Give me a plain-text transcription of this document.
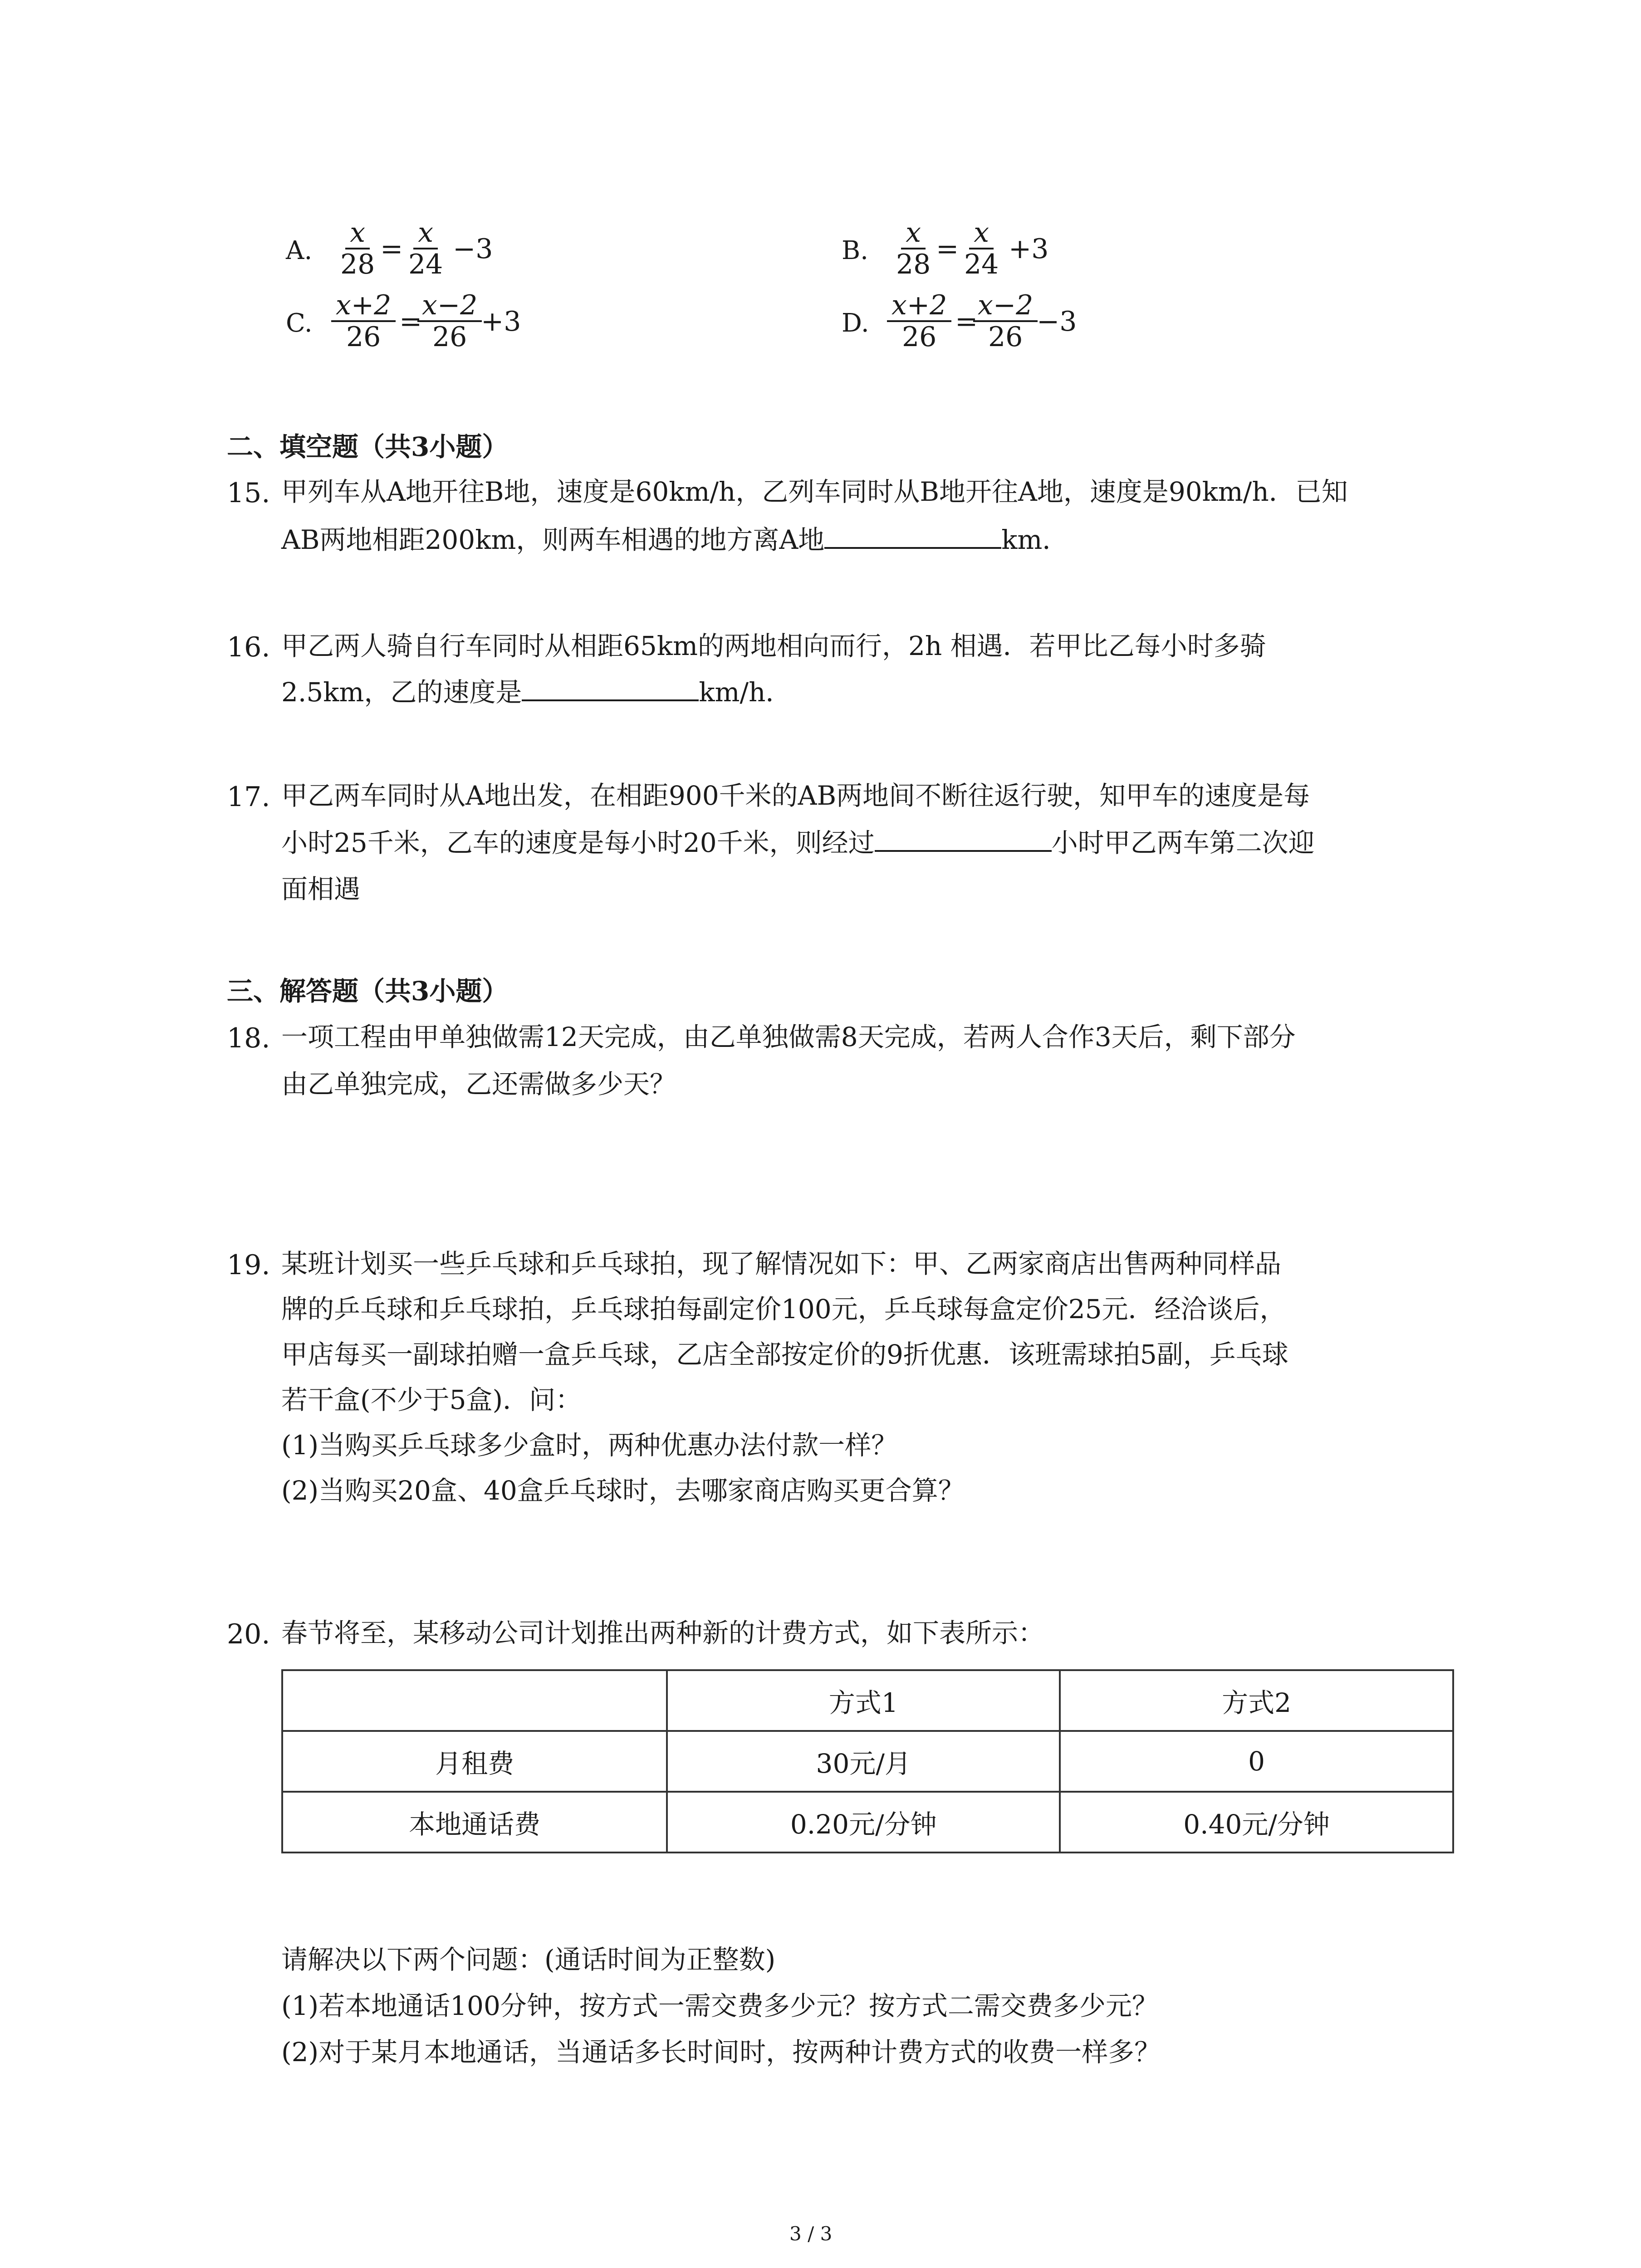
A. $\frac{x}{28} = \frac{x}{24} -3$	B. $\frac{x}{28} = \frac{x}{24} +3$
C. $\frac{x+2}{26}$ =
$\frac{x-2}{26}$
+3	D. $\frac{x+2}{26}$ =
$\frac{x-2}{26}$
−3
二、填空题（共3小题）
15. 甲列车从A地开往B地，速度是60km/h，乙列车同时从B地开往A地，速度是90km/h．已知
AB两地相距200km，则两车相遇的地方离A地	km．
16. 甲乙两人骑自行车同时从相距65km的两地相向而行，2h 相遇．若甲比乙每小时多骑
2.5km，乙的速度是	km/h．
17. 甲乙两车同时从A地出发，在相距900千米的AB两地间不断往返行驶，知甲车的速度是每
小时25千米，乙车的速度是每小时20千米，则经过	小时甲乙两车第二次迎
面相遇
三、解答题（共3小题）
18. 一项工程由甲单独做需12天完成，由乙单独做需8天完成，若两人合作3天后，剩下部分
由乙单独完成，乙还需做多少天？
19. 某班计划买一些乒乓球和乒乓球拍，现了解情况如下：甲、乙两家商店出售两种同样品
牌的乒乓球和乒乓球拍，乒乓球拍每副定价100元，乒乓球每盒定价25元．经洽谈后，
甲店每买一副球拍赠一盒乒乓球，乙店全部按定价的9折优惠．该班需球拍5副，乒乓球
若干盒(不少于5盒)．问：
(1)当购买乒乓球多少盒时，两种优惠办法付款一样？
(2)当购买20盒、40盒乒乓球时，去哪家商店购买更合算？
20. 春节将至，某移动公司计划推出两种新的计费方式，如下表所示：
	方式1	方式2
月租费	30元/月	0
本地通话费	0.20元/分钟	0.40元/分钟
请解决以下两个问题：(通话时间为正整数)
(1)若本地通话100分钟，按方式一需交费多少元？按方式二需交费多少元？
(2)对于某月本地通话，当通话多长时间时，按两种计费方式的收费一样多？
3 / 3
